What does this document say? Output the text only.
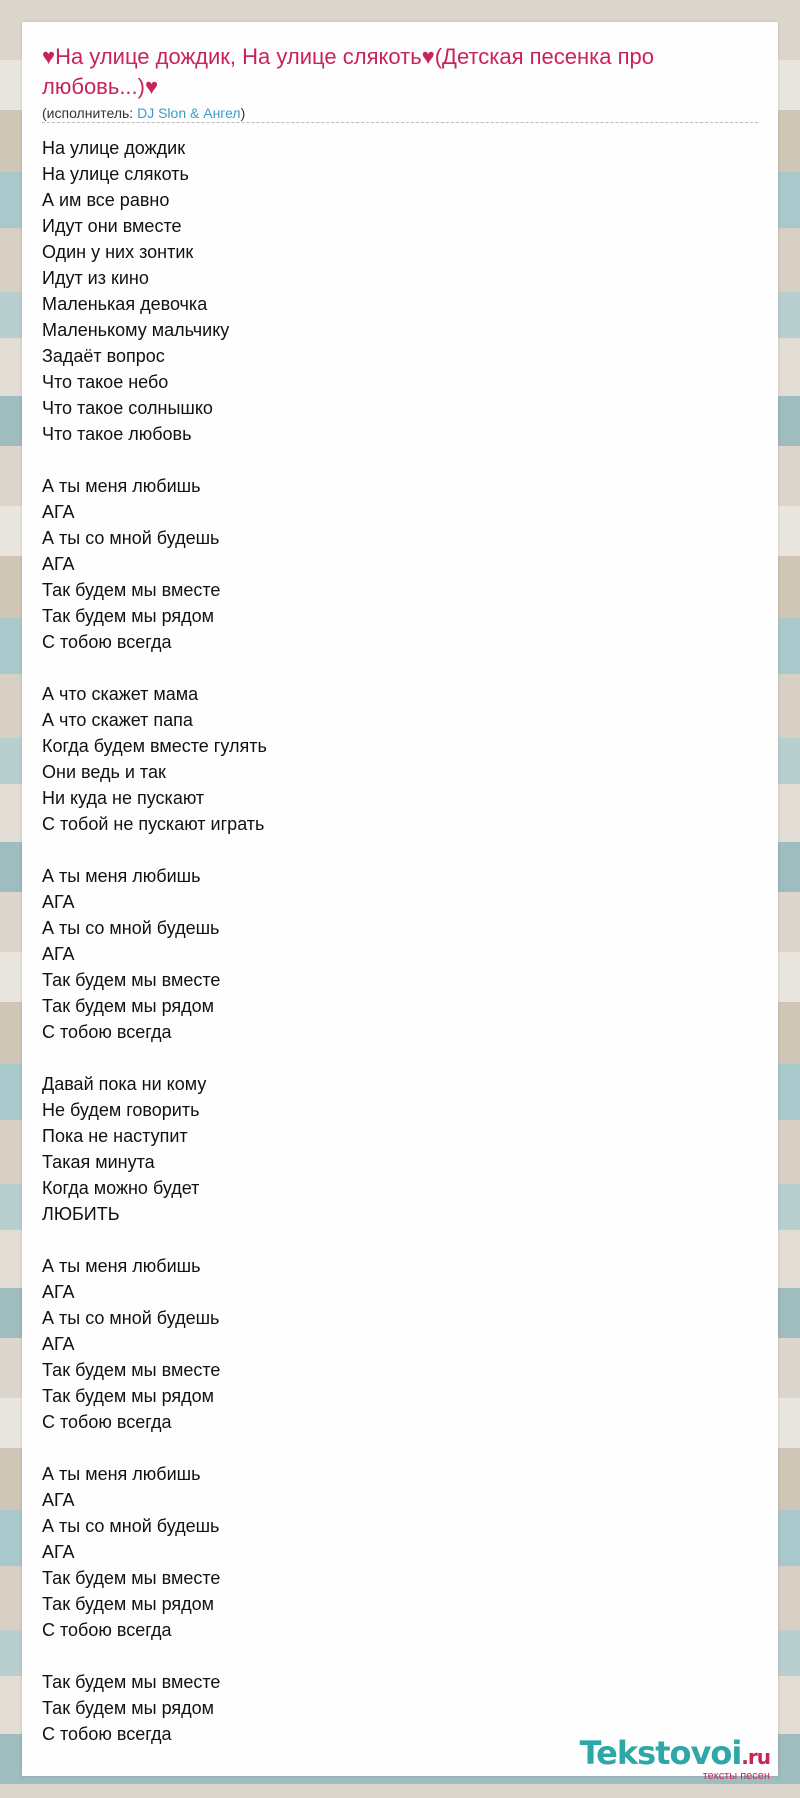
♥На улице дождик, На улице слякоть♥(Детская песенка про любовь...)♥
(исполнитель: DJ Slon & Ангел)
На улице дождик
На улице слякоть
А им все равно
Идут они вместе
Один у них зонтик
Идут из кино
Маленькая девочка
Маленькому мальчику
Задаёт вопрос
Что такое небо
Что такое солнышко
Что такое любовь
А ты меня любишь
АГА
А ты со мной будешь
АГА
Так будем мы вместе
Так будем мы рядом
С тобою всегда
А что скажет мама
А что скажет папа
Когда будем вместе гулять
Они ведь и так
Ни куда не пускают
С тобой не пускают играть
А ты меня любишь
АГА
А ты со мной будешь
АГА
Так будем мы вместе
Так будем мы рядом
С тобою всегда
Давай пока ни кому
Не будем говорить
Пока не наступит
Такая минута
Когда можно будет
ЛЮБИТЬ
А ты меня любишь
АГА
А ты со мной будешь
АГА
Так будем мы вместе
Так будем мы рядом
С тобою всегда
А ты меня любишь
АГА
А ты со мной будешь
АГА
Так будем мы вместе
Так будем мы рядом
С тобою всегда
Так будем мы вместе
Так будем мы рядом
С тобою всегда	Tekstovoi.ru
тексты песен
